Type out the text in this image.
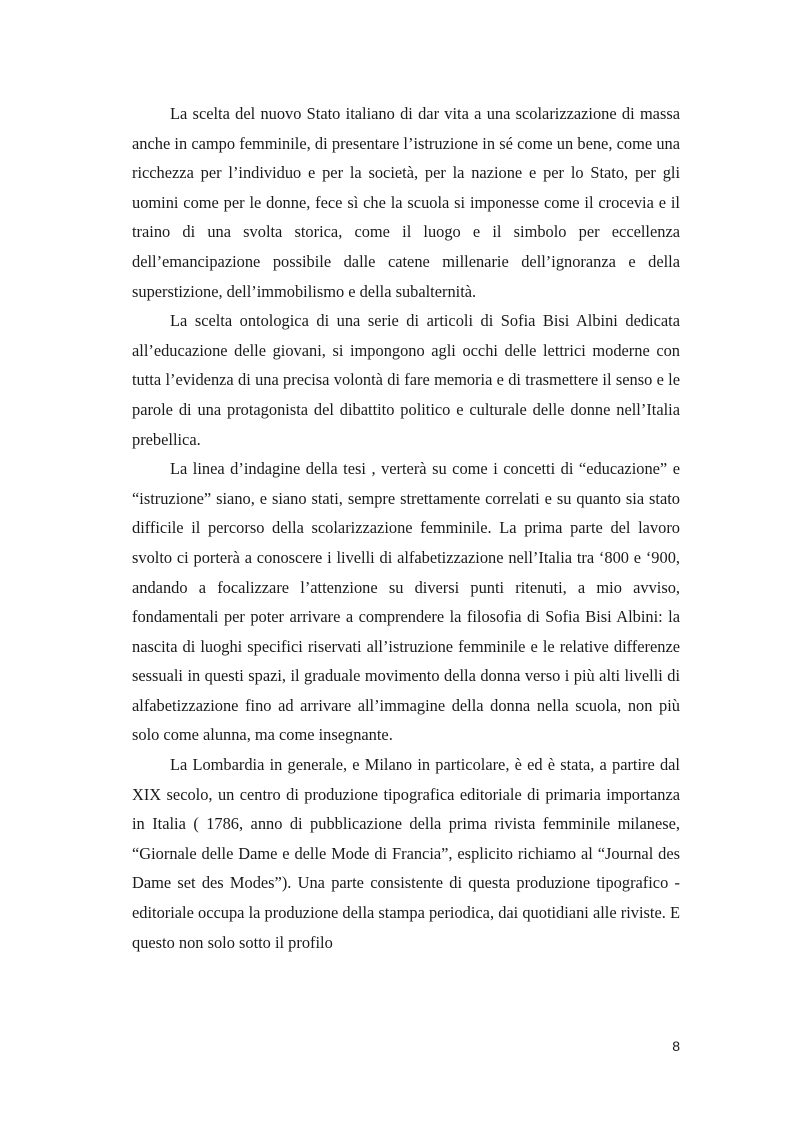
La scelta del nuovo Stato italiano di dar vita a una scolarizzazione di massa anche in campo femminile, di presentare l’istruzione in sé come un bene, come una ricchezza per l’individuo e per la società, per la nazione e per lo Stato, per gli uomini come per le donne, fece sì che la scuola si imponesse come il crocevia e il traino di una svolta storica, come il luogo e il simbolo per eccellenza dell’emancipazione possibile dalle catene millenarie dell’ignoranza e della superstizione, dell’immobilismo e della subalternità.

La scelta ontologica di una serie di articoli di Sofia Bisi Albini dedicata all’educazione delle giovani, si impongono agli occhi delle lettrici moderne con tutta l’evidenza di una precisa volontà di fare memoria e di trasmettere il senso e le parole di una protagonista del dibattito politico e culturale delle donne nell’Italia prebellica.

La linea d’indagine della tesi , verterà su come i concetti di “educazione” e “istruzione” siano, e siano stati, sempre strettamente correlati e su quanto sia stato difficile il percorso della scolarizzazione femminile. La prima parte del lavoro svolto ci porterà a conoscere i livelli di alfabetizzazione nell’Italia tra ‘800 e ‘900, andando a focalizzare l’attenzione su diversi punti ritenuti, a mio avviso, fondamentali per poter arrivare a comprendere la filosofia di Sofia Bisi Albini: la nascita di luoghi specifici riservati all’istruzione femminile e le relative differenze sessuali in questi spazi, il graduale movimento della donna verso i più alti livelli di alfabetizzazione fino ad arrivare all’immagine della donna nella scuola, non più solo come alunna, ma come insegnante.

La Lombardia in generale, e Milano in particolare, è ed è stata, a partire dal XIX secolo, un centro di produzione tipografica editoriale di primaria importanza in Italia ( 1786, anno di pubblicazione della prima rivista femminile milanese, “Giornale delle Dame e delle Mode di Francia”, esplicito richiamo al “Journal des Dame set des Modes”). Una parte consistente di questa produzione tipografico - editoriale occupa la produzione della stampa periodica, dai quotidiani alle riviste. E questo non solo sotto il profilo

8
